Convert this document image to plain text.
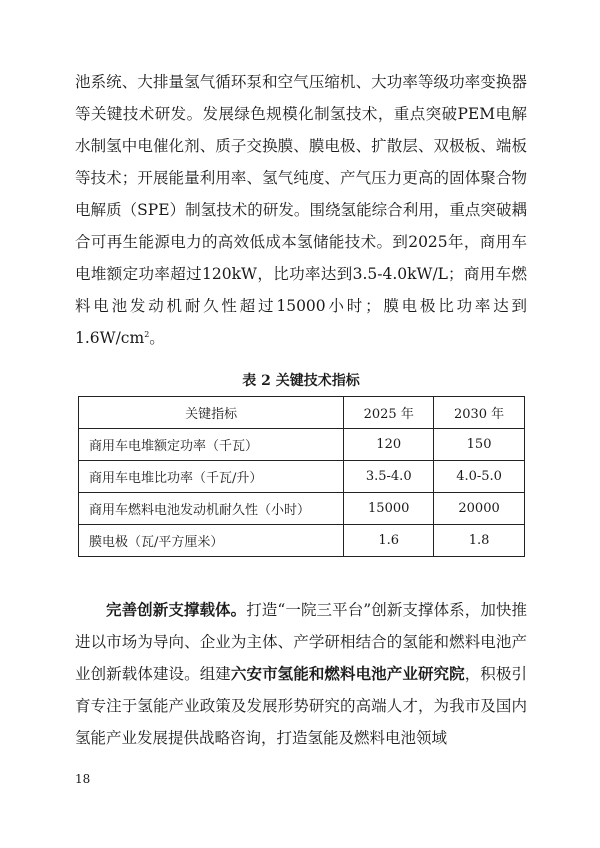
池系统、大排量氢气循环泵和空气压缩机、大功率等级功率变换器等关键技术研发。发展绿色规模化制氢技术，重点突破PEM电解水制氢中电催化剂、质子交换膜、膜电极、扩散层、双极板、端板等技术；开展能量利用率、氢气纯度、产气压力更高的固体聚合物电解质（SPE）制氢技术的研发。围绕氢能综合利用，重点突破耦合可再生能源电力的高效低成本氢储能技术。到2025年，商用车电堆额定功率超过120kW，比功率达到3.5-4.0kW/L；商用车燃料电池发动机耐久性超过15000小时；膜电极比功率达到$1.6W/cm^2$。

表 2 关键技术指标
关键指标	2025 年	2030 年
商用车电堆额定功率（千瓦）	120	150
商用车电堆比功率（千瓦/升）	3.5-4.0	4.0-5.0
商用车燃料电池发动机耐久性（小时）	15000	20000
膜电极（瓦/平方厘米）	1.6	1.8

完善创新支撑载体。打造“一院三平台”创新支撑体系，加快推进以市场为导向、企业为主体、产学研相结合的氢能和燃料电池产业创新载体建设。组建六安市氢能和燃料电池产业研究院，积极引育专注于氢能产业政策及发展形势研究的高端人才，为我市及国内氢能产业发展提供战略咨询，打造氢能及燃料电池领域

18
